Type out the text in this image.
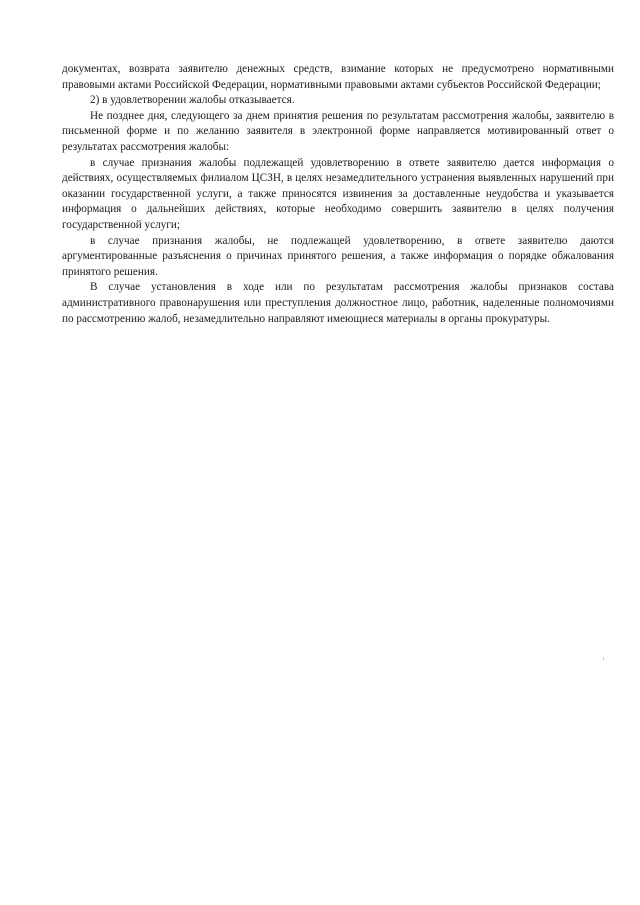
документах, возврата заявителю денежных средств, взимание которых не предусмотрено нормативными правовыми актами Российской Федерации, нормативными правовыми актами субъектов Российской Федерации;

2) в удовлетворении жалобы отказывается.

Не позднее дня, следующего за днем принятия решения по результатам рассмотрения жалобы, заявителю в письменной форме и по желанию заявителя в электронной форме направляется мотивированный ответ о результатах рассмотрения жалобы:

в случае признания жалобы подлежащей удовлетворению в ответе заявителю дается информация о действиях, осуществляемых филиалом ЦСЗН, в целях незамедлительного устранения выявленных нарушений при оказании государственной услуги, а также приносятся извинения за доставленные неудобства и указывается информация о дальнейших действиях, которые необходимо совершить заявителю в целях получения государственной услуги;

в случае признания жалобы, не подлежащей удовлетворению, в ответе заявителю даются аргументированные разъяснения о причинах принятого решения, а также информация о порядке обжалования принятого решения.

В случае установления в ходе или по результатам рассмотрения жалобы признаков состава административного правонарушения или преступления должностное лицо, работник, наделенные полномочиями по рассмотрению жалоб, незамедлительно направляют имеющиеся материалы в органы прокуратуры.
